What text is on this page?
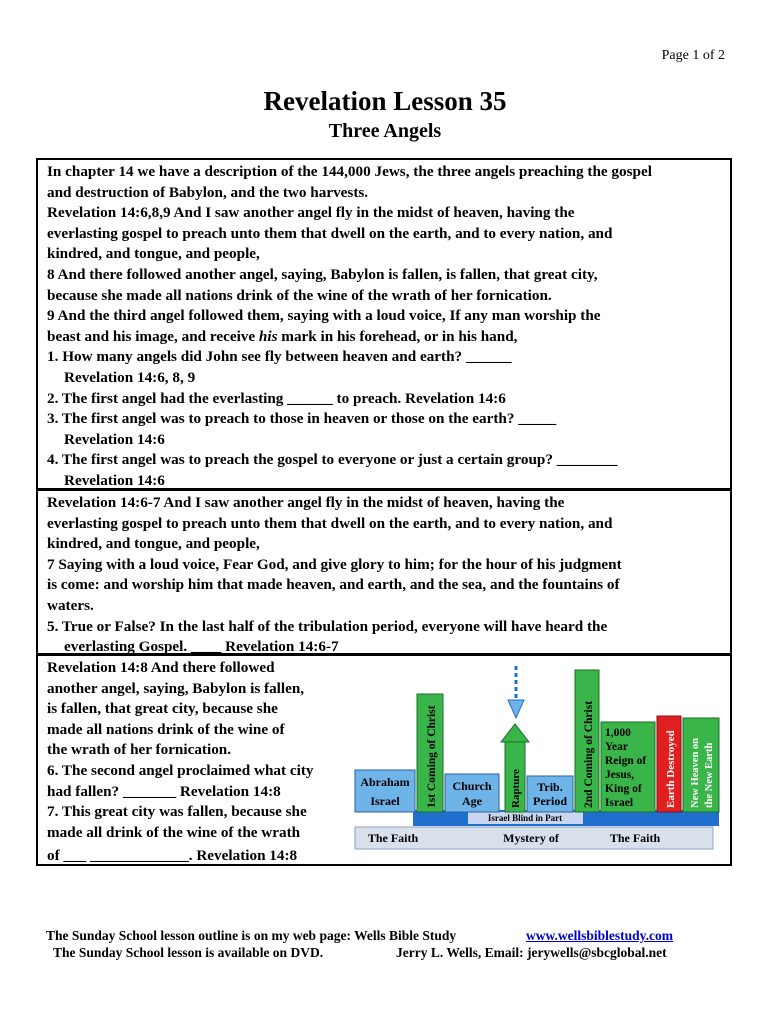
Page 1 of 2
Revelation Lesson 35
Three Angels
In chapter 14 we have a description of the 144,000 Jews, the three angels preaching the gospel
and destruction of Babylon, and the two harvests.
Revelation 14:6,8,9 And I saw another angel fly in the midst of heaven, having the
everlasting gospel to preach unto them that dwell on the earth, and to every nation, and
kindred, and tongue, and people,
8 And there followed another angel, saying, Babylon is fallen, is fallen, that great city,
because she made all nations drink of the wine of the wrath of her fornication.
9 And the third angel followed them, saying with a loud voice, If any man worship the
beast and his image, and receive his mark in his forehead, or in his hand,
1. How many angels did John see fly between heaven and earth? ______
Revelation 14:6, 8, 9
2. The first angel had the everlasting ______ to preach. Revelation 14:6
3. The first angel was to preach to those in heaven or those on the earth? _____
Revelation 14:6
4. The first angel was to preach the gospel to everyone or just a certain group? ________
Revelation 14:6
Revelation 14:6-7 And I saw another angel fly in the midst of heaven, having the
everlasting gospel to preach unto them that dwell on the earth, and to every nation, and
kindred, and tongue, and people,
7 Saying with a loud voice, Fear God, and give glory to him; for the hour of his judgment
is come: and worship him that made heaven, and earth, and the sea, and the fountains of
waters.
5. True or False? In the last half of the tribulation period, everyone will have heard the
everlasting Gospel. ____ Revelation 14:6-7
Revelation 14:8 And there followed
another angel, saying, Babylon is fallen,
is fallen, that great city, because she
made all nations drink of the wine of
the wrath of her fornication.
6. The second angel proclaimed what city
had fallen? _______ Revelation 14:8
7. This great city was fallen, because she
made all drink of the wine of the wrath
of ___ _____________. Revelation 14:8
Abraham
Israel 1st Coming of Christ Church
Age	Rapture Trib.
Period 2nd Coming of Christ 1,000
Year
Reign of
Jesus,
King of
Israel	Earth Destroyed New Heaven on the New Earth
Israel Blind in Part
The Faith	Mystery of	The Faith
The Sunday School lesson outline is on my web page: Wells Bible Study	www.wellsbiblestudy.com
The Sunday School lesson is available on DVD.	Jerry L. Wells, Email: jerywells@sbcglobal.net
